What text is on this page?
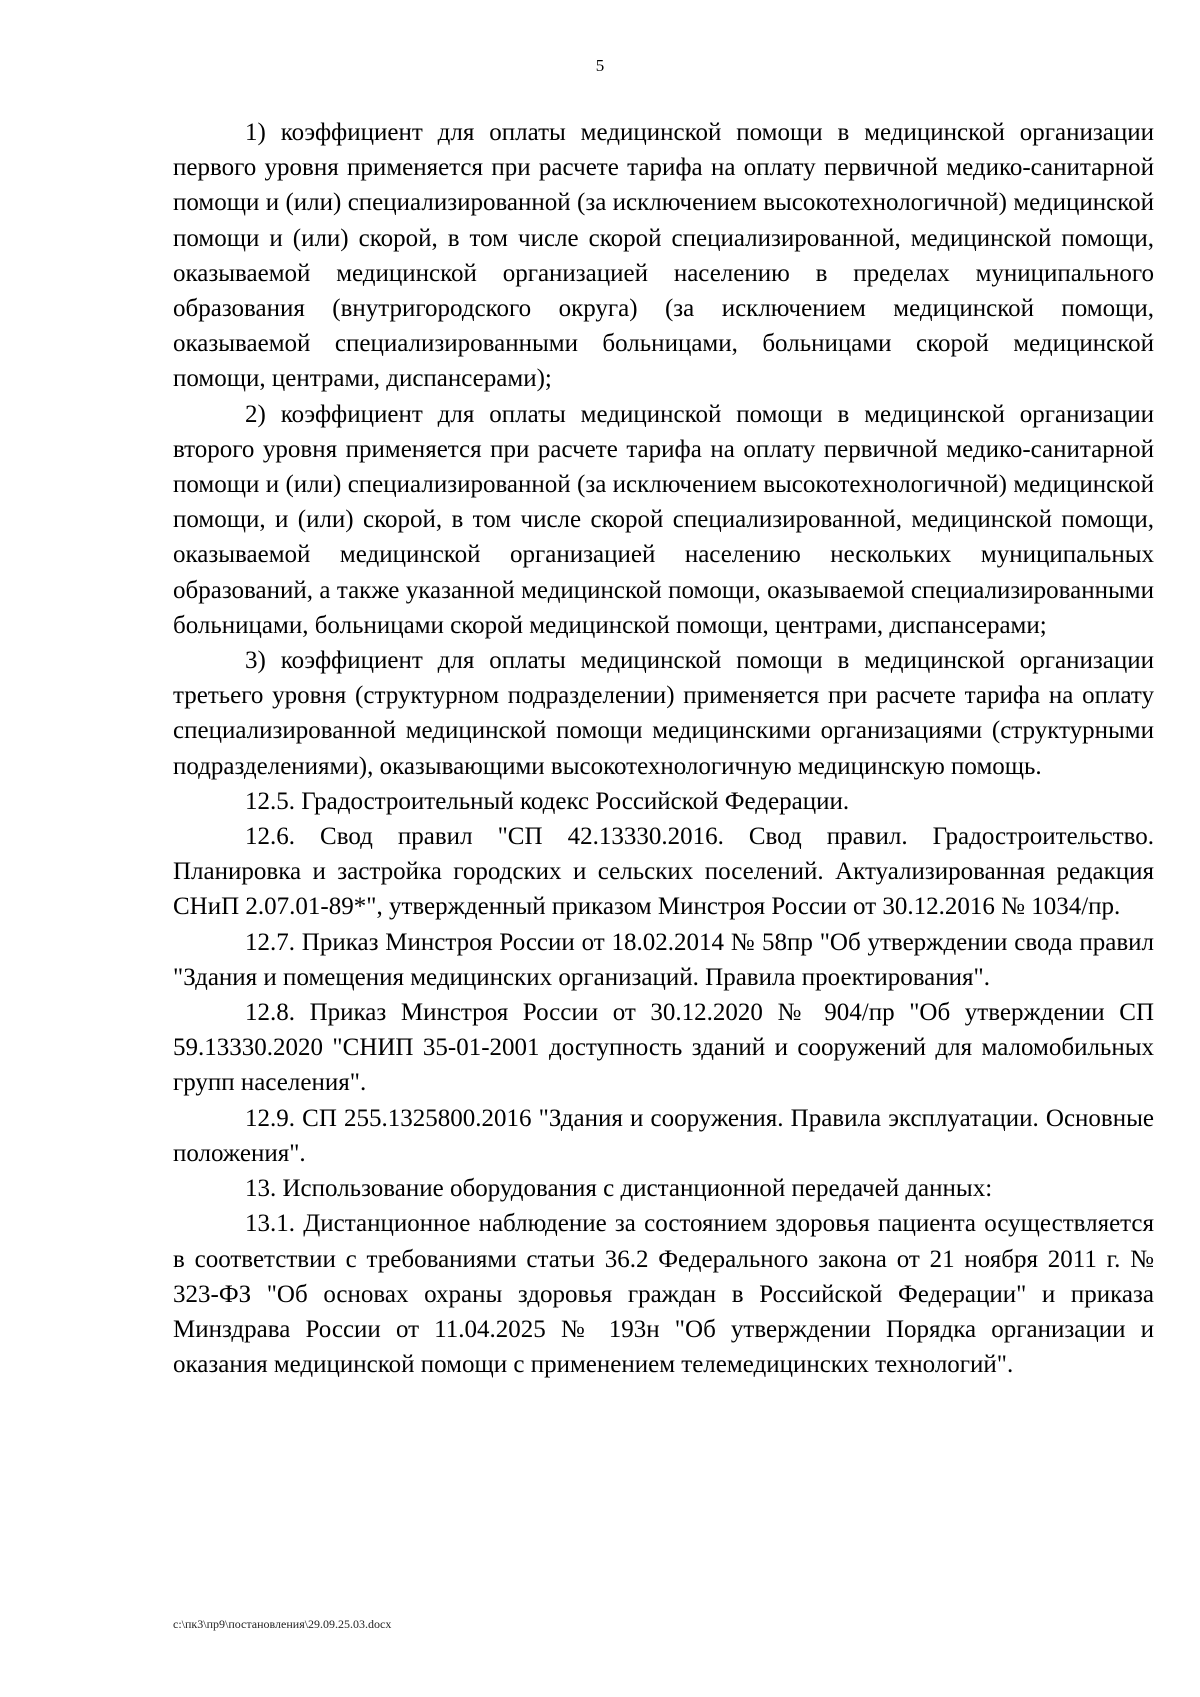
5

1) коэффициент для оплаты медицинской помощи в медицинской организации первого уровня применяется при расчете тарифа на оплату первичной медико-санитарной помощи и (или) специализированной (за исключением высокотехнологичной) медицинской помощи и (или) скорой, в том числе скорой специализированной, медицинской помощи, оказываемой медицинской организацией населению в пределах муниципального образования (внутригородского округа) (за исключением медицинской помощи, оказываемой специализированными больницами, больницами скорой медицинской помощи, центрами, диспансерами);

2) коэффициент для оплаты медицинской помощи в медицинской организации второго уровня применяется при расчете тарифа на оплату первичной медико-санитарной помощи и (или) специализированной (за исключением высокотехнологичной) медицинской помощи, и (или) скорой, в том числе скорой специализированной, медицинской помощи, оказываемой медицинской организацией населению нескольких муниципальных образований, а также указанной медицинской помощи, оказываемой специализированными больницами, больницами скорой медицинской помощи, центрами, диспансерами;

3) коэффициент для оплаты медицинской помощи в медицинской организации третьего уровня (структурном подразделении) применяется при расчете тарифа на оплату специализированной медицинской помощи медицинскими организациями (структурными подразделениями), оказывающими высокотехнологичную медицинскую помощь.

12.5. Градостроительный кодекс Российской Федерации.

12.6. Свод правил "СП 42.13330.2016. Свод правил. Градостроительство. Планировка и застройка городских и сельских поселений. Актуализированная редакция СНиП 2.07.01-89*", утвержденный приказом Минстроя России от 30.12.2016 № 1034/пр.

12.7. Приказ Минстроя России от 18.02.2014 № 58пр "Об утверждении свода правил "Здания и помещения медицинских организаций. Правила проектирования".

12.8. Приказ Минстроя России от 30.12.2020 № 904/пр "Об утверждении СП 59.13330.2020 "СНИП 35-01-2001 доступность зданий и сооружений для маломобильных групп населения".

12.9. СП 255.1325800.2016 "Здания и сооружения. Правила эксплуатации. Основные положения".

13. Использование оборудования с дистанционной передачей данных:

13.1. Дистанционное наблюдение за состоянием здоровья пациента осуществляется в соответствии с требованиями статьи 36.2 Федерального закона от 21 ноября 2011 г. № 323-ФЗ "Об основах охраны здоровья граждан в Российской Федерации" и приказа Минздрава России от 11.04.2025 № 193н "Об утверждении Порядка организации и оказания медицинской помощи с применением телемедицинских технологий".

c:\пк3\пр9\постановления\29.09.25.03.docx
